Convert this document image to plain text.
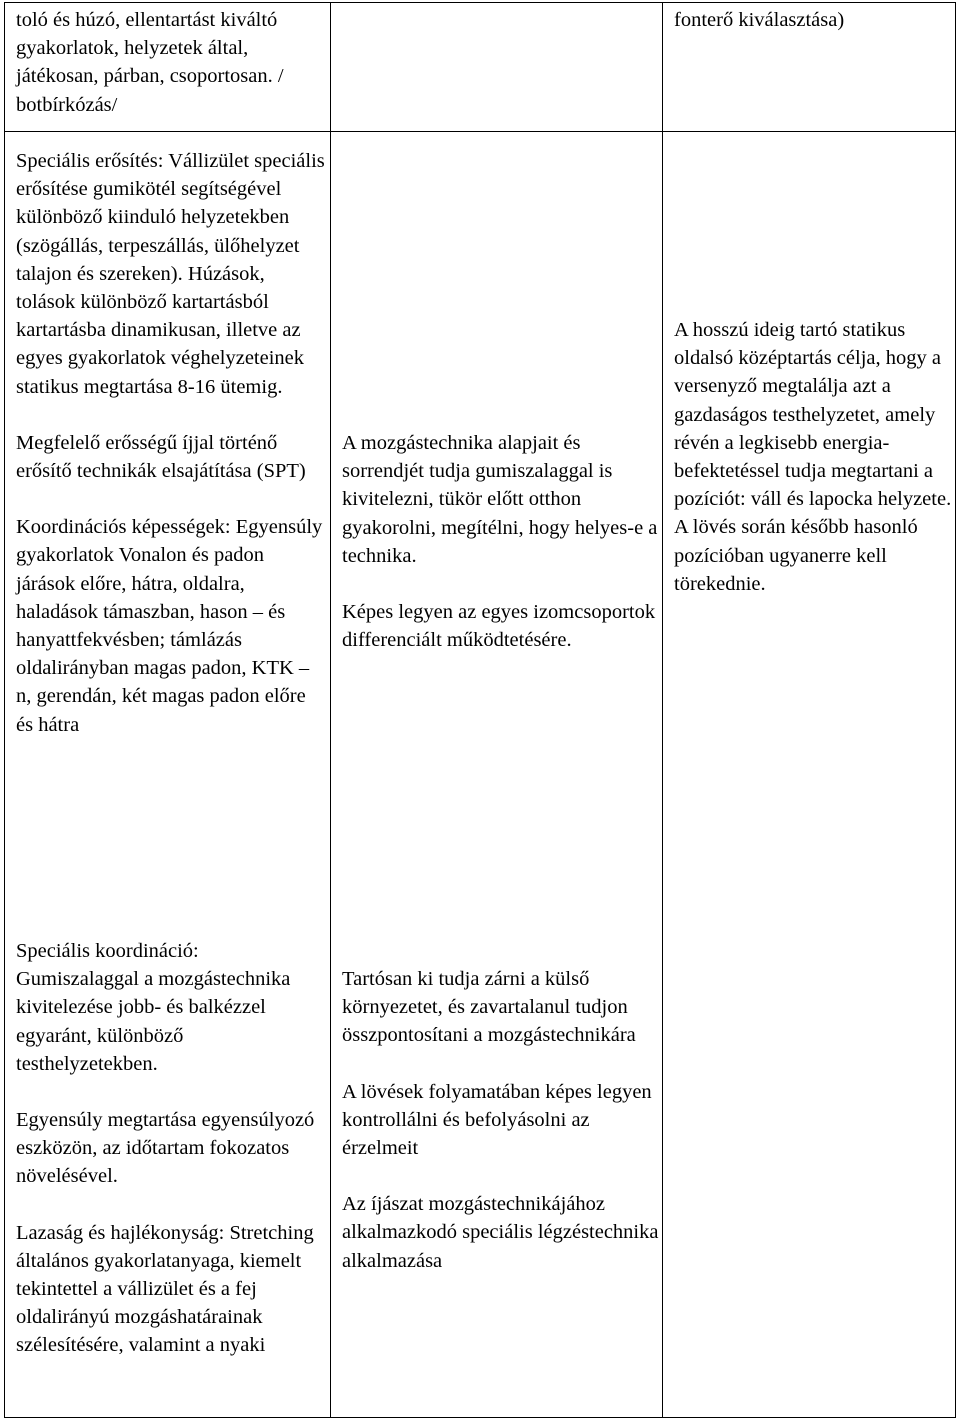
toló és húzó, ellentartást kiváltó gyakorlatok, helyzetek által, játékosan, párban, csoportosan. / botbírkózás/

fonterő kiválasztása)

Speciális erősítés: Vállizület speciális erősítése gumikötél segítségével különböző kiinduló helyzetekben (szögállás, terpeszállás, ülőhelyzet talajon és szereken). Húzások, tolások különböző kartartásból kartartásba dinamikusan, illetve az egyes gyakorlatok véghelyzeteinek statikus megtartása 8-16 ütemig.

Megfelelő erősségű íjjal történő erősítő technikák elsajátítása (SPT)

Koordinációs képességek: Egyensúly gyakorlatok Vonalon és padon járások előre, hátra, oldalra, haladások támaszban, hason – és hanyattfekvésben; támlázás oldalirányban magas padon, KTK – n, gerendán, két magas padon előre és hátra

A mozgástechnika alapjait és sorrendjét tudja gumiszalaggal is kivitelezni, tükör előtt otthon gyakorolni, megítélni, hogy helyes-e a technika.

Képes legyen az egyes izomcsoportok differenciált működtetésére.

A hosszú ideig tartó statikus oldalsó középtartás célja, hogy a versenyző megtalálja azt a gazdaságos testhelyzetet, amely révén a legkisebb energia-befektetéssel tudja megtartani a pozíciót: váll és lapocka helyzete. A lövés során később hasonló pozícióban ugyanerre kell törekednie.

Speciális koordináció: Gumiszalaggal a mozgástechnika kivitelezése jobb- és balkézzel egyaránt, különböző testhelyzetekben.

Egyensúly megtartása egyensúlyozó eszközön, az időtartam fokozatos növelésével.

Lazaság és hajlékonyság: Stretching általános gyakorlatanyaga, kiemelt tekintettel a vállizület és a fej oldalirányú mozgáshatárainak szélesítésére, valamint a nyaki

Tartósan ki tudja zárni a külső környezetet, és zavartalanul tudjon összpontosítani a mozgástechnikára

A lövések folyamatában képes legyen kontrollálni és befolyásolni az érzelmeit

Az íjászat mozgástechnikájához alkalmazkodó speciális légzéstechnika alkalmazása
